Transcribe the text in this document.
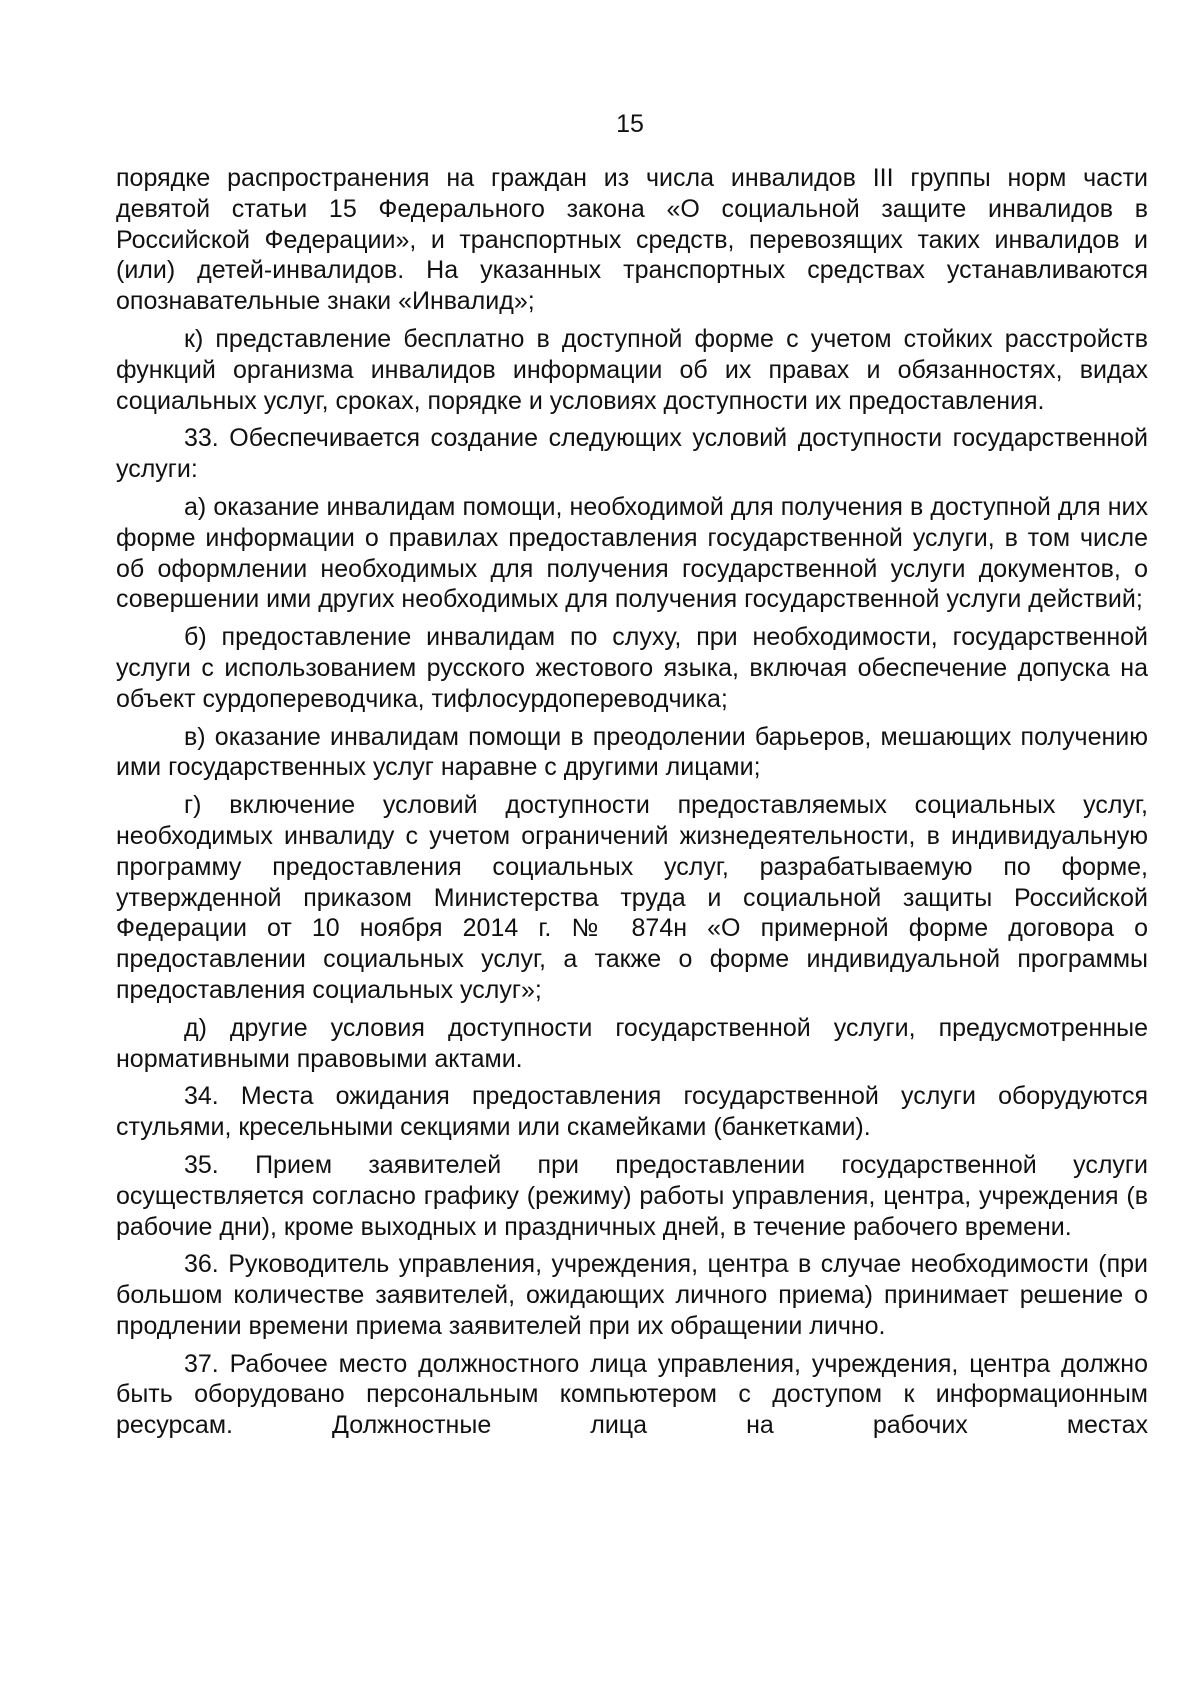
15

порядке распространения на граждан из числа инвалидов III группы норм части девятой статьи 15 Федерального закона «О социальной защите инвалидов в Российской Федерации», и транспортных средств, перевозящих таких инвалидов и (или) детей-инвалидов. На указанных транспортных средствах устанавливаются опознавательные знаки «Инвалид»;

к) представление бесплатно в доступной форме с учетом стойких расстройств функций организма инвалидов информации об их правах и обязанностях, видах социальных услуг, сроках, порядке и условиях доступности их предоставления.

33. Обеспечивается создание следующих условий доступности государственной услуги:

а) оказание инвалидам помощи, необходимой для получения в доступной для них форме информации о правилах предоставления государственной услуги, в том числе об оформлении необходимых для получения государственной услуги документов, о совершении ими других необходимых для получения государственной услуги действий;

б) предоставление инвалидам по слуху, при необходимости, государственной услуги с использованием русского жестового языка, включая обеспечение допуска на объект сурдопереводчика, тифлосурдопереводчика;

в) оказание инвалидам помощи в преодолении барьеров, мешающих получению ими государственных услуг наравне с другими лицами;

г) включение условий доступности предоставляемых социальных услуг, необходимых инвалиду с учетом ограничений жизнедеятельности, в индивидуальную программу предоставления социальных услуг, разрабатываемую по форме, утвержденной приказом Министерства труда и социальной защиты Российской Федерации от 10 ноября 2014 г. № 874н «О примерной форме договора о предоставлении социальных услуг, а также о форме индивидуальной программы предоставления социальных услуг»;

д) другие условия доступности государственной услуги, предусмотренные нормативными правовыми актами.

34. Места ожидания предоставления государственной услуги оборудуются стульями, кресельными секциями или скамейками (банкетками).

35. Прием заявителей при предоставлении государственной услуги осуществляется согласно графику (режиму) работы управления, центра, учреждения (в рабочие дни), кроме выходных и праздничных дней, в течение рабочего времени.

36. Руководитель управления, учреждения, центра в случае необходимости (при большом количестве заявителей, ожидающих личного приема) принимает решение о продлении времени приема заявителей при их обращении лично.

37. Рабочее место должностного лица управления, учреждения, центра должно быть оборудовано персональным компьютером с доступом к информационным ресурсам. Должностные лица на рабочих местах
